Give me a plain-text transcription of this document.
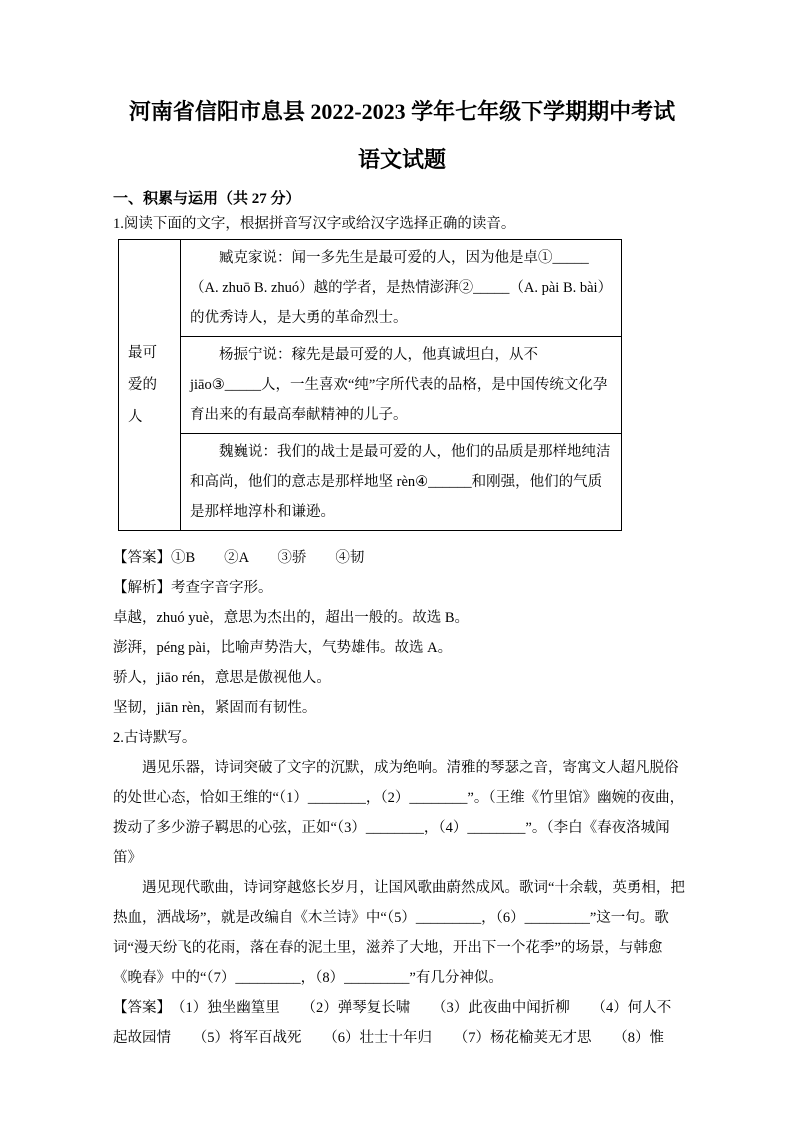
河南省信阳市息县 2022-2023 学年七年级下学期期中考试
语文试题
一、积累与运用（共 27 分）
1.阅读下面的文字，根据拼音写汉字或给汉字选择正确的读音。
最可爱的人	

臧克家说：闻一多先生是最可爱的人，因为他是卓①_____（A. zhuō B. zhuó）越的学者，是热情澎湃②_____（A. pài B. bài）的优秀诗人，是大勇的革命烈士。

杨振宁说：稼先是最可爱的人，他真诚坦白，从不 jiāo③_____人，一生喜欢“纯”字所代表的品格，是中国传统文化孕育出来的有最高奉献精神的儿子。

魏巍说：我们的战士是最可爱的人，他们的品质是那样地纯洁和高尚，他们的意志是那样地坚 rèn④______和刚强，他们的气质是那样地淳朴和谦逊。

【答案】①B　　②A　　③骄　　④韧
【解析】考查字音字形。
卓越，zhuó yuè，意思为杰出的，超出一般的。故选 B。
澎湃，péng pài，比喻声势浩大，气势雄伟。故选 A。
骄人，jiāo rén，意思是傲视他人。
坚韧，jiān rèn，紧固而有韧性。
2.古诗默写。

遇见乐器，诗词突破了文字的沉默，成为绝响。清雅的琴瑟之音，寄寓文人超凡脱俗的处世心态，恰如王维的“（1）________，（2）________”。（王维《竹里馆》幽婉的夜曲，拨动了多少游子羁思的心弦，正如“（3）________，（4）________”。（李白《春夜洛城闻笛》

遇见现代歌曲，诗词穿越悠长岁月，让国风歌曲蔚然成风。歌词“十余载，英勇相，把热血，洒战场”，就是改编自《木兰诗》中“（5）_________，（6）_________”这一句。歌词“漫天纷飞的花雨，落在春的泥土里，滋养了大地，开出下一个花季”的场景，与韩愈《晚春》中的“（7）_________，（8）_________”有几分神似。

【答案】　（1）独坐幽篁里　　（2）弹琴复长啸　　（3）此夜曲中闻折柳　　（4）何人不
起故园情　　（5）将军百战死　　（6）壮士十年归　　（7）杨花榆荚无才思　　（8）惟
